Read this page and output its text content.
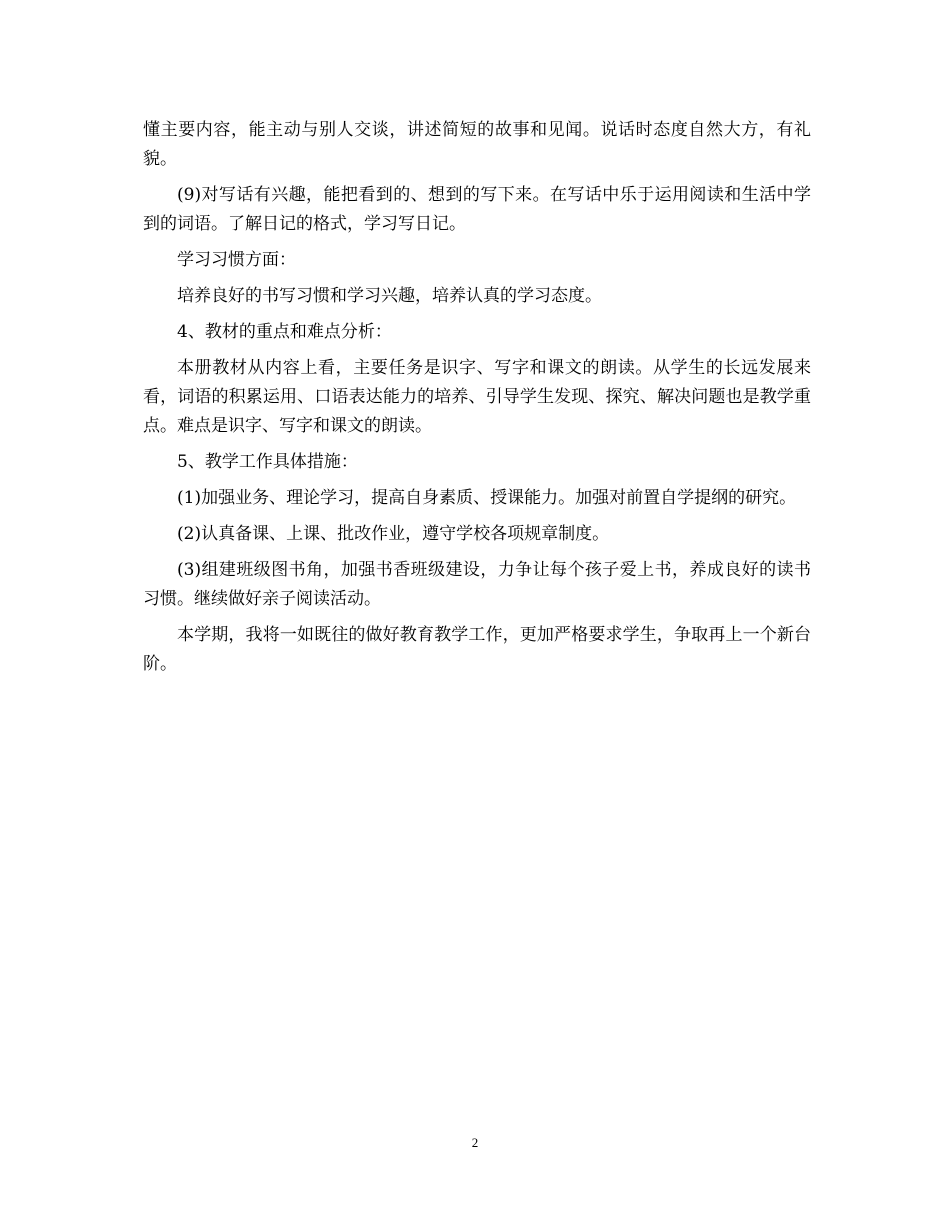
懂主要内容，能主动与别人交谈，讲述简短的故事和见闻。说话时态度自然大方，有礼貌。

(9)对写话有兴趣，能把看到的、想到的写下来。在写话中乐于运用阅读和生活中学到的词语。了解日记的格式，学习写日记。

学习习惯方面：

培养良好的书写习惯和学习兴趣，培养认真的学习态度。

4、教材的重点和难点分析：

本册教材从内容上看，主要任务是识字、写字和课文的朗读。从学生的长远发展来看，词语的积累运用、口语表达能力的培养、引导学生发现、探究、解决问题也是教学重点。难点是识字、写字和课文的朗读。

5、教学工作具体措施：

(1)加强业务、理论学习，提高自身素质、授课能力。加强对前置自学提纲的研究。

(2)认真备课、上课、批改作业，遵守学校各项规章制度。

(3)组建班级图书角，加强书香班级建设，力争让每个孩子爱上书，养成良好的读书习惯。继续做好亲子阅读活动。

本学期，我将一如既往的做好教育教学工作，更加严格要求学生，争取再上一个新台阶。

2
